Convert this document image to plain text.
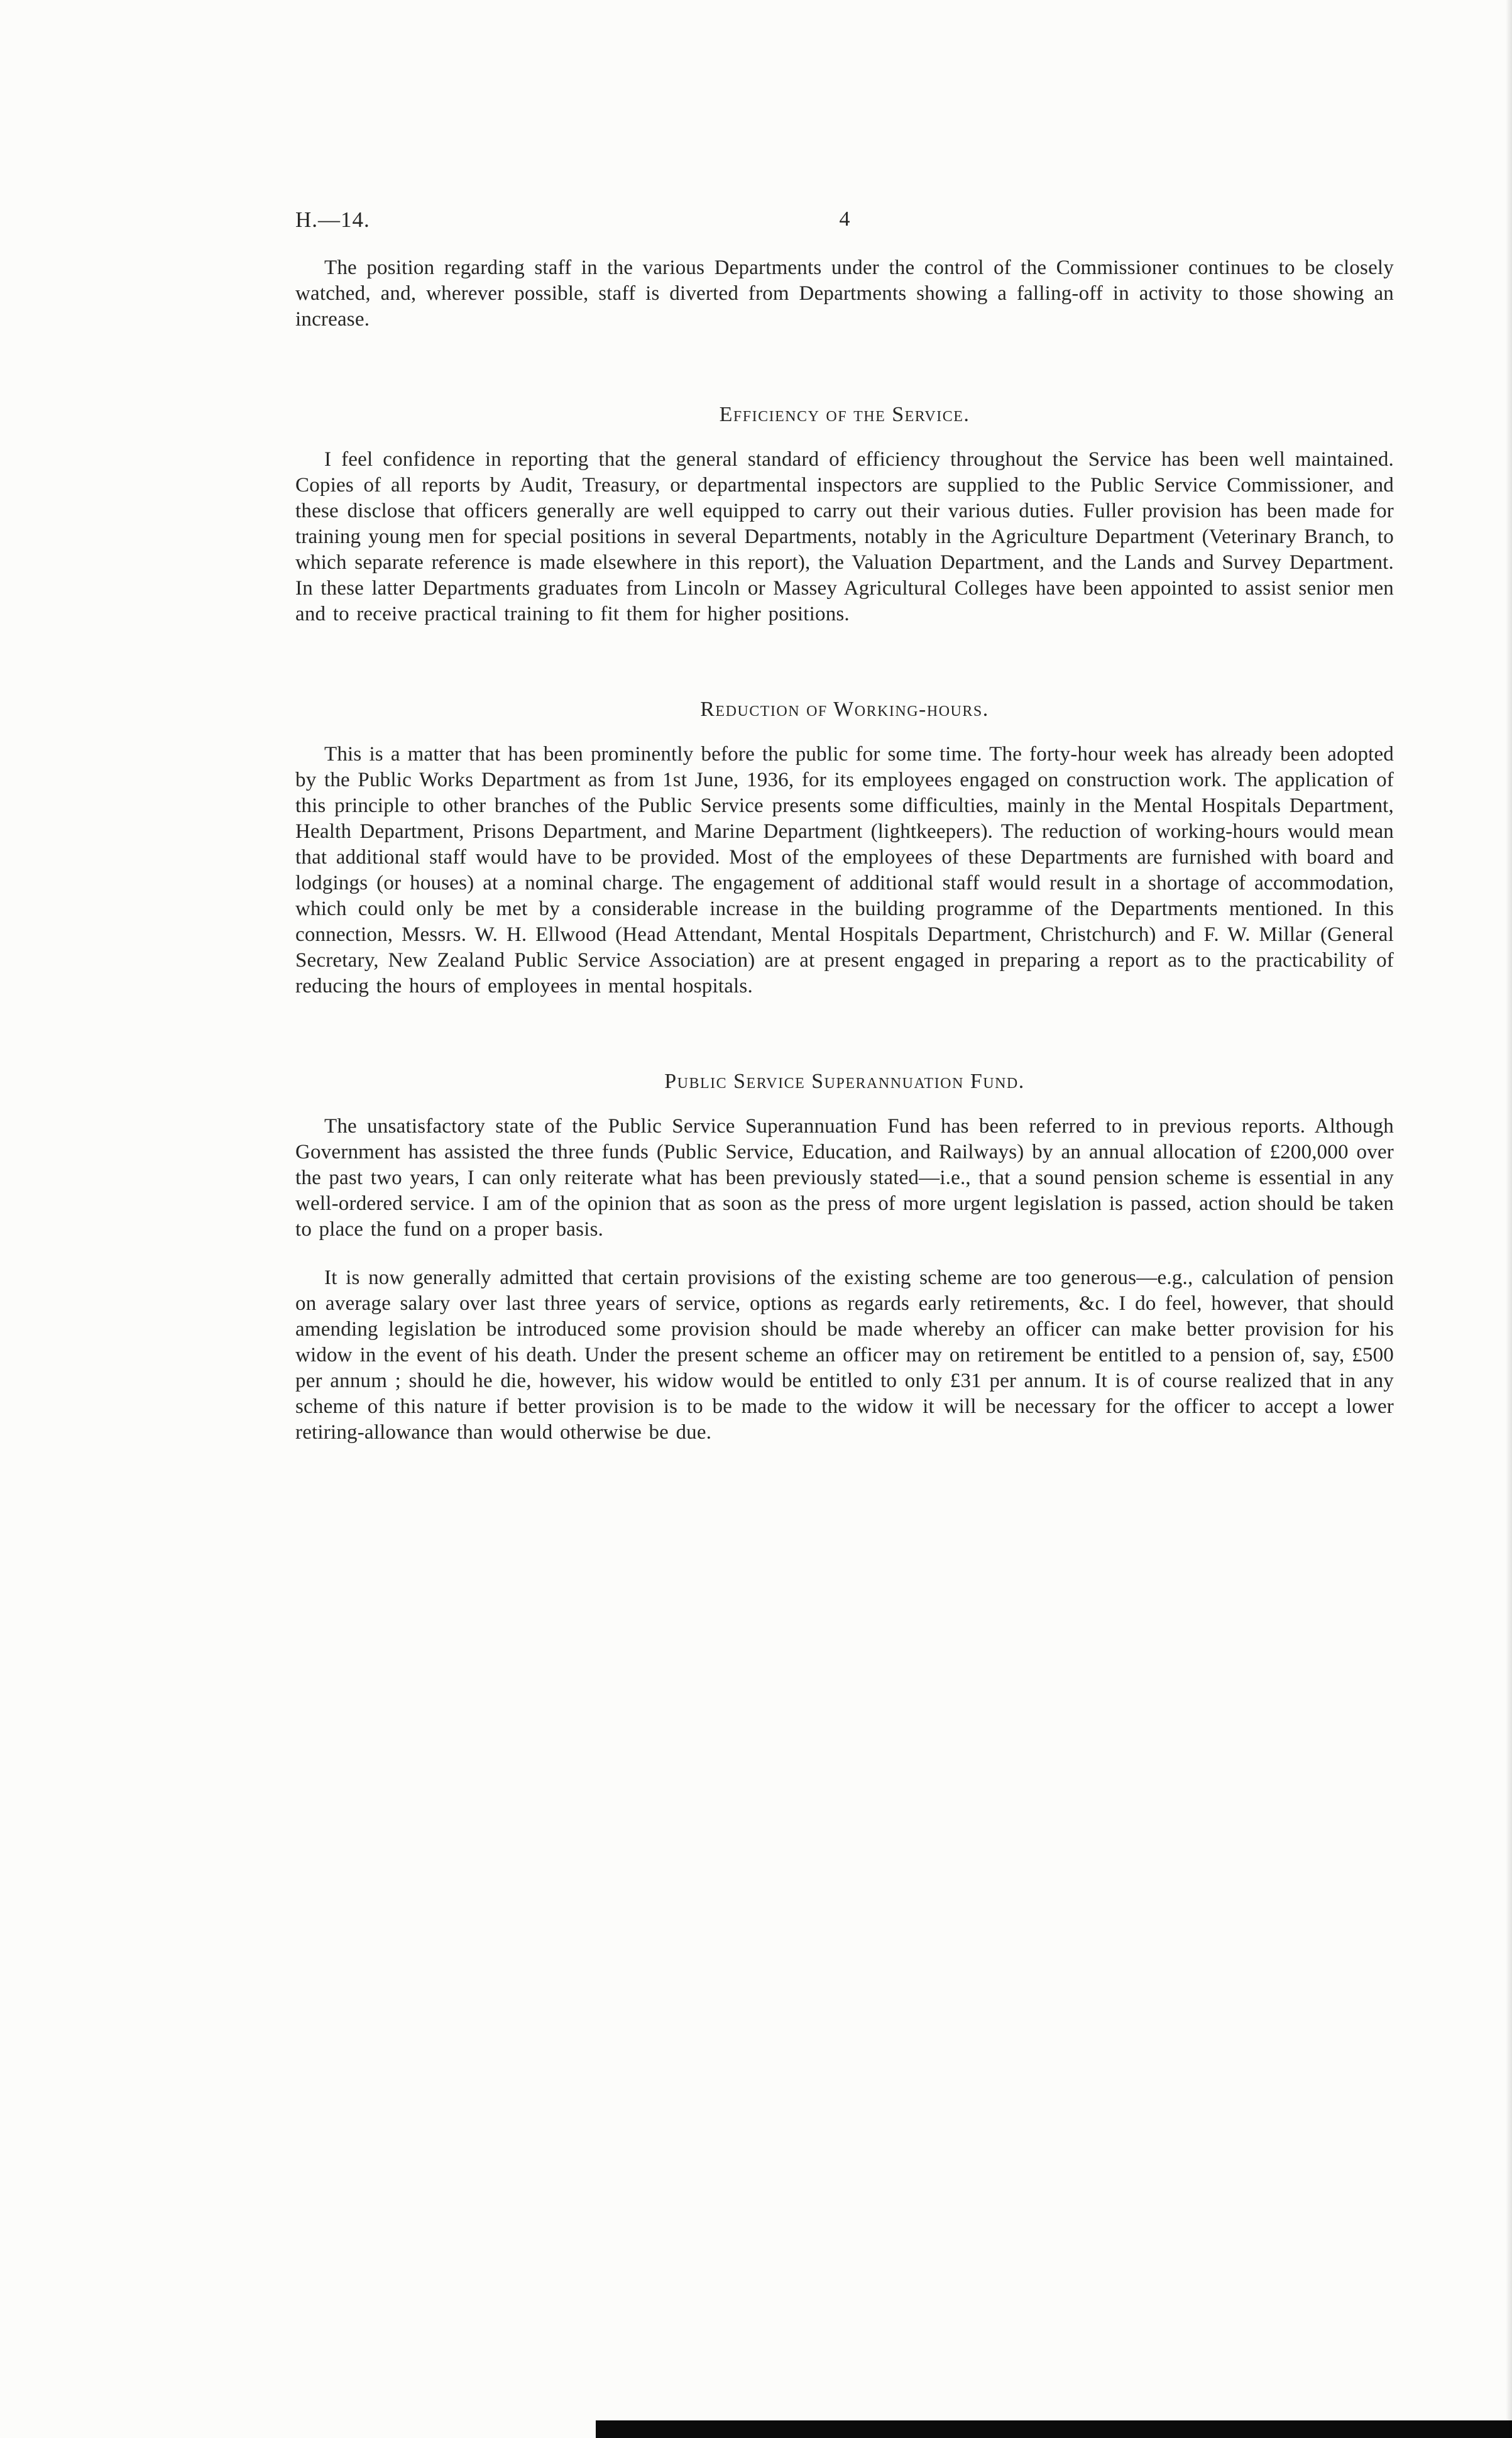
H.—14.	4

The position regarding staff in the various Departments under the control of the Commissioner continues to be closely watched, and, wherever possible, staff is diverted from Departments showing a falling-off in activity to those showing an increase.

Efficiency of the Service.

I feel confidence in reporting that the general standard of efficiency throughout the Service has been well maintained. Copies of all reports by Audit, Treasury, or departmental inspectors are supplied to the Public Service Commissioner, and these disclose that officers generally are well equipped to carry out their various duties. Fuller provision has been made for training young men for special positions in several Departments, notably in the Agriculture Department (Veterinary Branch, to which separate reference is made elsewhere in this report), the Valuation Department, and the Lands and Survey Department. In these latter Departments graduates from Lincoln or Massey Agricultural Colleges have been appointed to assist senior men and to receive practical training to fit them for higher positions.

Reduction of Working-hours.

This is a matter that has been prominently before the public for some time. The forty-hour week has already been adopted by the Public Works Department as from 1st June, 1936, for its employees engaged on construction work. The application of this principle to other branches of the Public Service presents some difficulties, mainly in the Mental Hospitals Department, Health Department, Prisons Department, and Marine Department (lightkeepers). The reduction of working-hours would mean that additional staff would have to be provided. Most of the employees of these Departments are furnished with board and lodgings (or houses) at a nominal charge. The engagement of additional staff would result in a shortage of accommodation, which could only be met by a considerable increase in the building programme of the Departments mentioned. In this connection, Messrs. W. H. Ellwood (Head Attendant, Mental Hospitals Department, Christchurch) and F. W. Millar (General Secretary, New Zealand Public Service Association) are at present engaged in preparing a report as to the practicability of reducing the hours of employees in mental hospitals.

Public Service Superannuation Fund.

The unsatisfactory state of the Public Service Superannuation Fund has been referred to in previous reports. Although Government has assisted the three funds (Public Service, Education, and Railways) by an annual allocation of £200,000 over the past two years, I can only reiterate what has been previously stated—i.e., that a sound pension scheme is essential in any well-ordered service. I am of the opinion that as soon as the press of more urgent legislation is passed, action should be taken to place the fund on a proper basis.

It is now generally admitted that certain provisions of the existing scheme are too generous—e.g., calculation of pension on average salary over last three years of service, options as regards early retirements, &c. I do feel, however, that should amending legislation be introduced some provision should be made whereby an officer can make better provision for his widow in the event of his death. Under the present scheme an officer may on retirement be entitled to a pension of, say, £500 per annum ; should he die, however, his widow would be entitled to only £31 per annum. It is of course realized that in any scheme of this nature if better provision is to be made to the widow it will be necessary for the officer to accept a lower retiring-allowance than would otherwise be due.
